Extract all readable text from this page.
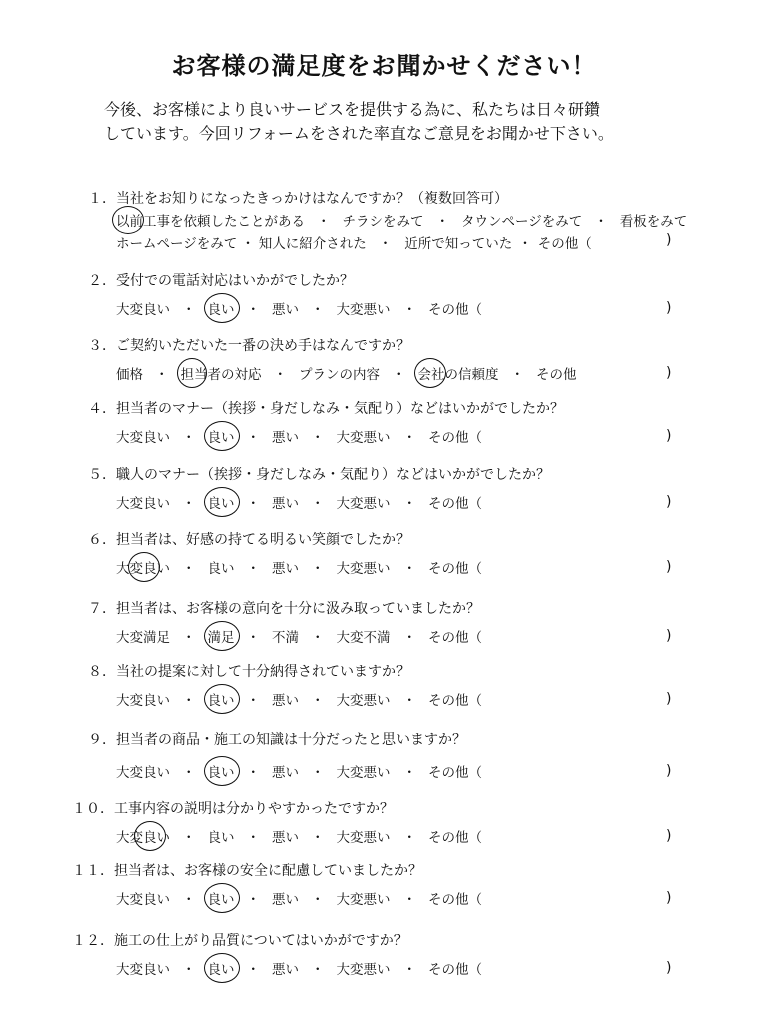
お客様の満足度をお聞かせください！
今後、お客様により良いサービスを提供する為に、私たちは日々研鑽
しています。今回リフォームをされた率直なご意見をお聞かせ下さい。
１．当社をお知りになったきっかけはなんですか？（複数回答可）
以前工事を依頼したことがある ・ チラシをみて ・ タウンページをみて ・ 看板をみて
ホームページをみて ・ 知人に紹介された ・ 近所で知っていた ・ その他（	)
２．受付での電話対応はいかがでしたか？
大変良い ・ 良い ・ 悪い ・ 大変悪い ・ その他（	)
３．ご契約いただいた一番の決め手はなんですか？
価格 ・ 担当者の対応 ・ プランの内容 ・ 会社の信頼度 ・ その他	)
４．担当者のマナー（挨拶・身だしなみ・気配り）などはいかがでしたか？
大変良い ・ 良い ・ 悪い ・ 大変悪い ・ その他（	)
５．職人のマナー（挨拶・身だしなみ・気配り）などはいかがでしたか？
大変良い ・ 良い ・ 悪い ・ 大変悪い ・ その他（	)
６．担当者は、好感の持てる明るい笑顔でしたか？
大変良い ・ 良い ・ 悪い ・ 大変悪い ・ その他（	)
７．担当者は、お客様の意向を十分に汲み取っていましたか？
大変満足 ・ 満足 ・ 不満 ・ 大変不満 ・ その他（	)
８．当社の提案に対して十分納得されていますか？
大変良い ・ 良い ・ 悪い ・ 大変悪い ・ その他（	)
９．担当者の商品・施工の知識は十分だったと思いますか？
大変良い ・ 良い ・ 悪い ・ 大変悪い ・ その他（	)
１０．工事内容の説明は分かりやすかったですか？
大変良い ・ 良い ・ 悪い ・ 大変悪い ・ その他（	)
１１．担当者は、お客様の安全に配慮していましたか？
大変良い ・ 良い ・ 悪い ・ 大変悪い ・ その他（	)
１２．施工の仕上がり品質についてはいかがですか？
大変良い ・ 良い ・ 悪い ・ 大変悪い ・ その他（	)
